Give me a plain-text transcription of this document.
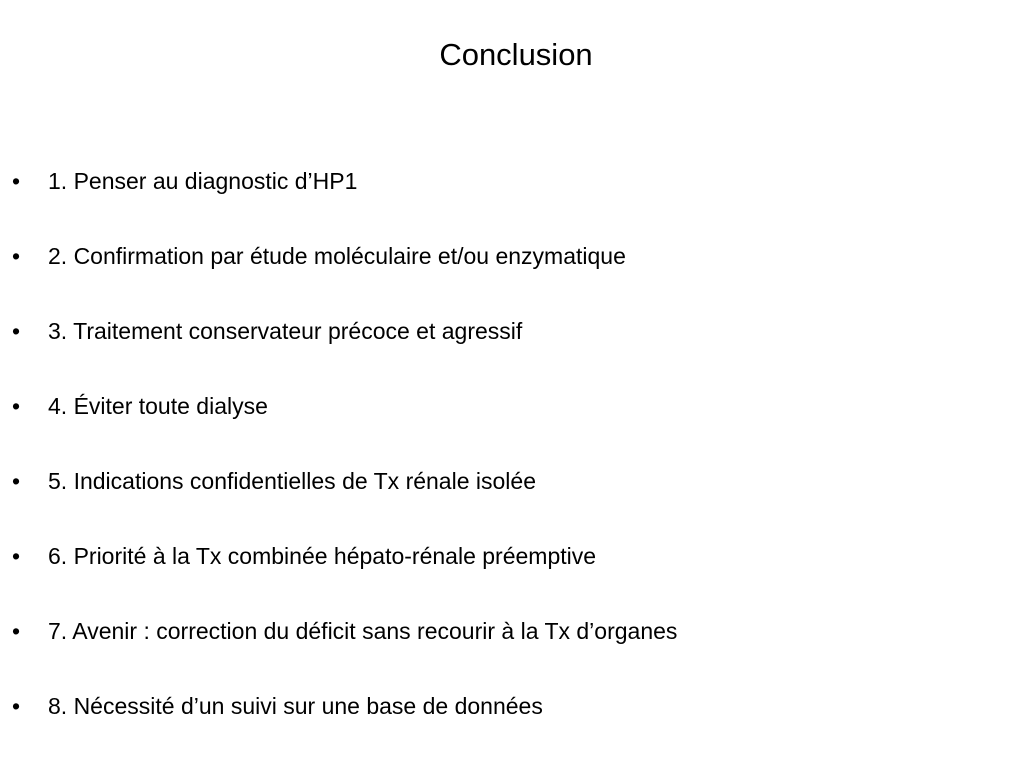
Conclusion
• 1. Penser au diagnostic d’HP1
• 2. Confirmation par étude moléculaire et/ou enzymatique
• 3. Traitement conservateur précoce et agressif
• 4. Éviter toute dialyse
• 5. Indications confidentielles de Tx rénale isolée
• 6. Priorité à la Tx combinée hépato-rénale préemptive
• 7. Avenir : correction du déficit sans recourir à la Tx d’organes
• 8. Nécessité d’un suivi sur une base de données
